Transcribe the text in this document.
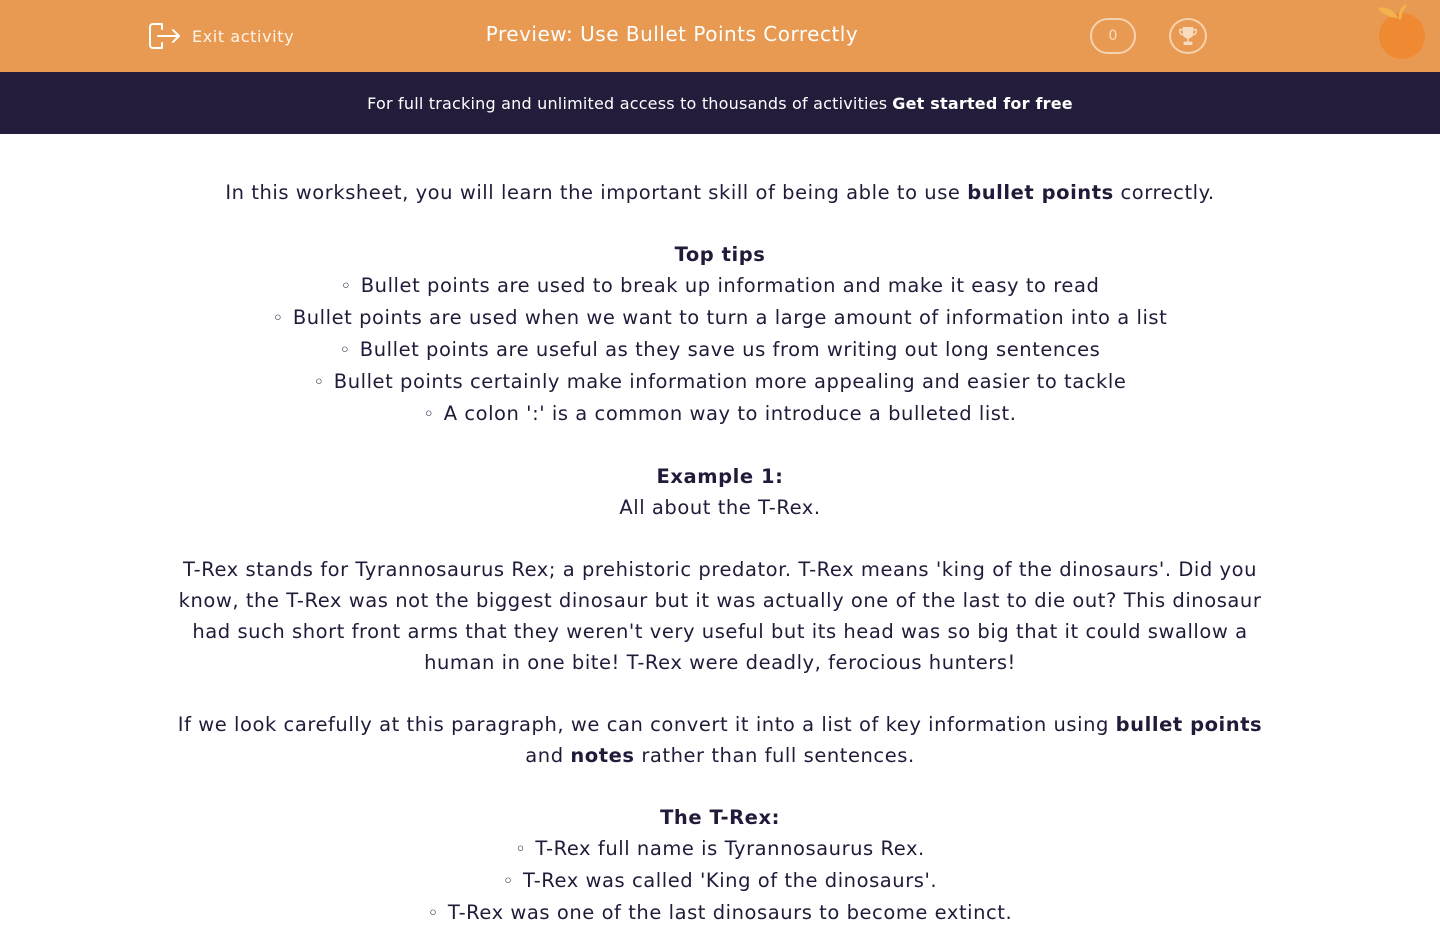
Exit activity	Preview: Use Bullet Points Correctly	0
For full tracking and unlimited access to thousands of activities Get started for free

In this worksheet, you will learn the important skill of being able to use bullet points correctly.

Top tips

◦ Bullet points are used to break up information and make it easy to read
◦ Bullet points are used when we want to turn a large amount of information into a list
◦ Bullet points are useful as they save us from writing out long sentences
◦ Bullet points certainly make information more appealing and easier to tackle
◦ A colon ':' is a common way to introduce a bulleted list.

Example 1:

All about the T-Rex.

T-Rex stands for Tyrannosaurus Rex; a prehistoric predator. T-Rex means 'king of the dinosaurs'. Did you know, the T-Rex was not the biggest dinosaur but it was actually one of the last to die out? This dinosaur had such short front arms that they weren't very useful but its head was so big that it could swallow a human in one bite! T-Rex were deadly, ferocious hunters!

If we look carefully at this paragraph, we can convert it into a list of key information using bullet points and notes rather than full sentences.

The T-Rex:

◦ T-Rex full name is Tyrannosaurus Rex.
◦ T-Rex was called 'King of the dinosaurs'.
◦ T-Rex was one of the last dinosaurs to become extinct.
